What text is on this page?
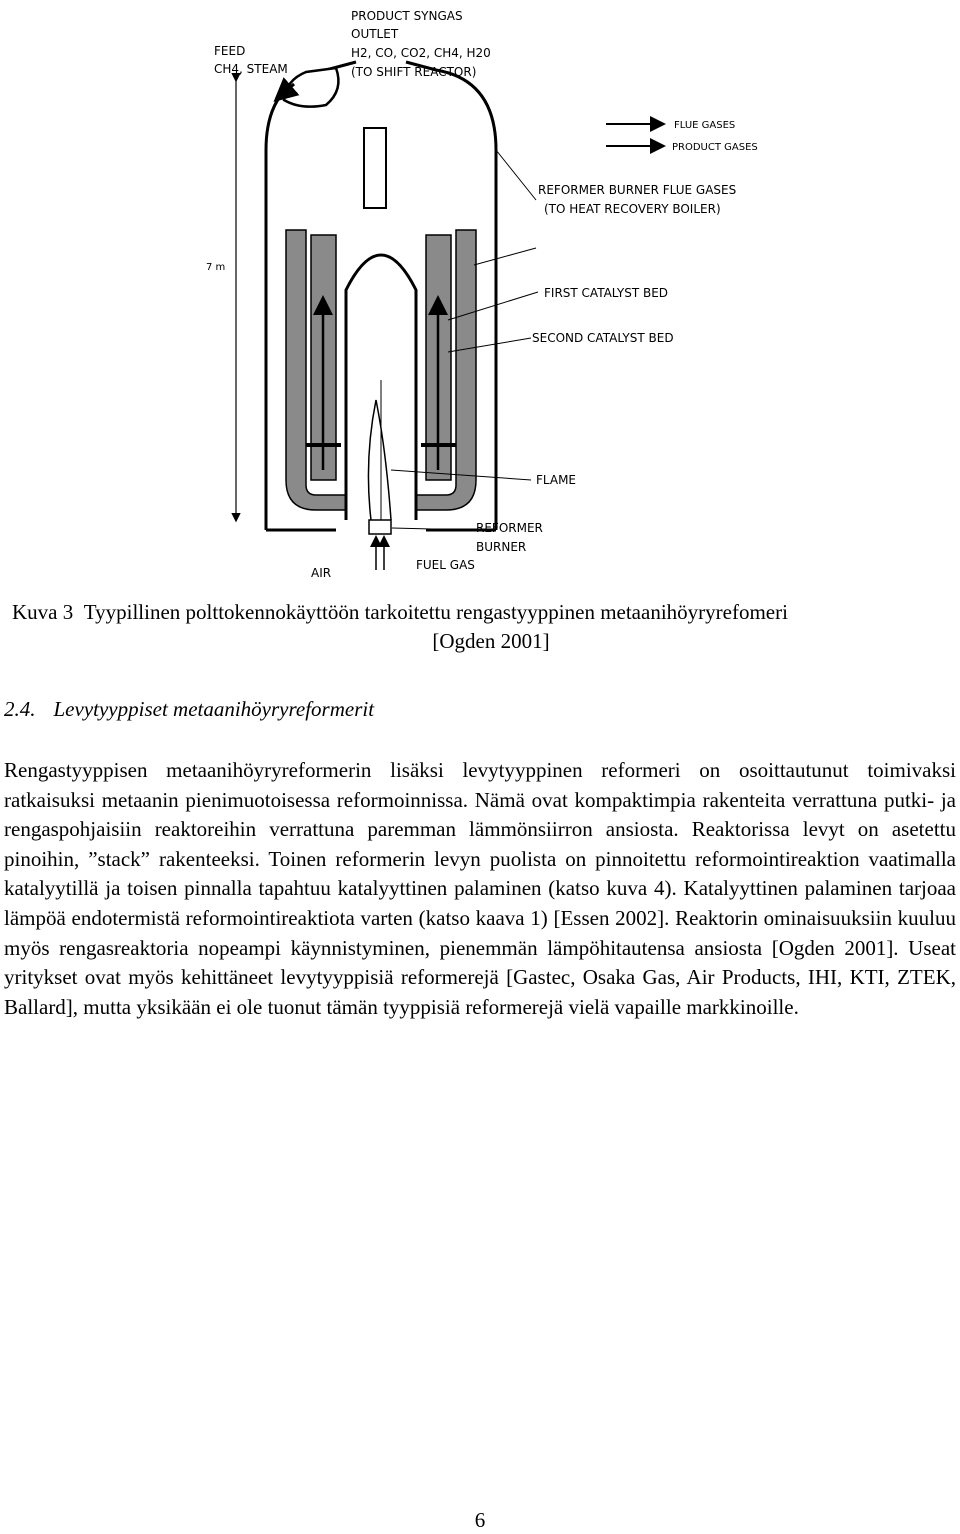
7 m
PRODUCT SYNGAS
OUTLET
H2, CO, CO2, CH4, H20
(TO SHIFT REACTOR)
FEED
CH4, STEAM
FLUE GASES
PRODUCT GASES
REFORMER BURNER FLUE GASES
(TO HEAT RECOVERY BOILER)
FIRST CATALYST BED
SECOND CATALYST BED
FLAME
REFORMER
BURNER
FUEL GAS
AIR
Kuva 3 Tyypillinen polttokennokäyttöön tarkoitettu rengastyyppinen metaanihöyryrefomeri
[Ogden 2001]
2.4. Levytyyppiset metaanihöyryreformerit

Rengastyyppisen metaanihöyryreformerin lisäksi levytyyppinen reformeri on osoittautunut toimivaksi ratkaisuksi metaanin pienimuotoisessa reformoinnissa. Nämä ovat kompaktimpia rakenteita verrattuna putki- ja rengaspohjaisiin reaktoreihin verrattuna paremman lämmönsiirron ansiosta. Reaktorissa levyt on asetettu pinoihin, ”stack” rakenteeksi. Toinen reformerin levyn puolista on pinnoitettu reformointireaktion vaatimalla katalyytillä ja toisen pinnalla tapahtuu katalyyttinen palaminen (katso kuva 4). Katalyyttinen palaminen tarjoaa lämpöä endotermistä reformointireaktiota varten (katso kaava 1) [Essen 2002]. Reaktorin ominaisuuksiin kuuluu myös rengasreaktoria nopeampi käynnistyminen, pienemmän lämpöhitautensa ansiosta [Ogden 2001]. Useat yritykset ovat myös kehittäneet levytyyppisiä reformerejä [Gastec, Osaka Gas, Air Products, IHI, KTI, ZTEK, Ballard], mutta yksikään ei ole tuonut tämän tyyppisiä reformerejä vielä vapaille markkinoille.

6
